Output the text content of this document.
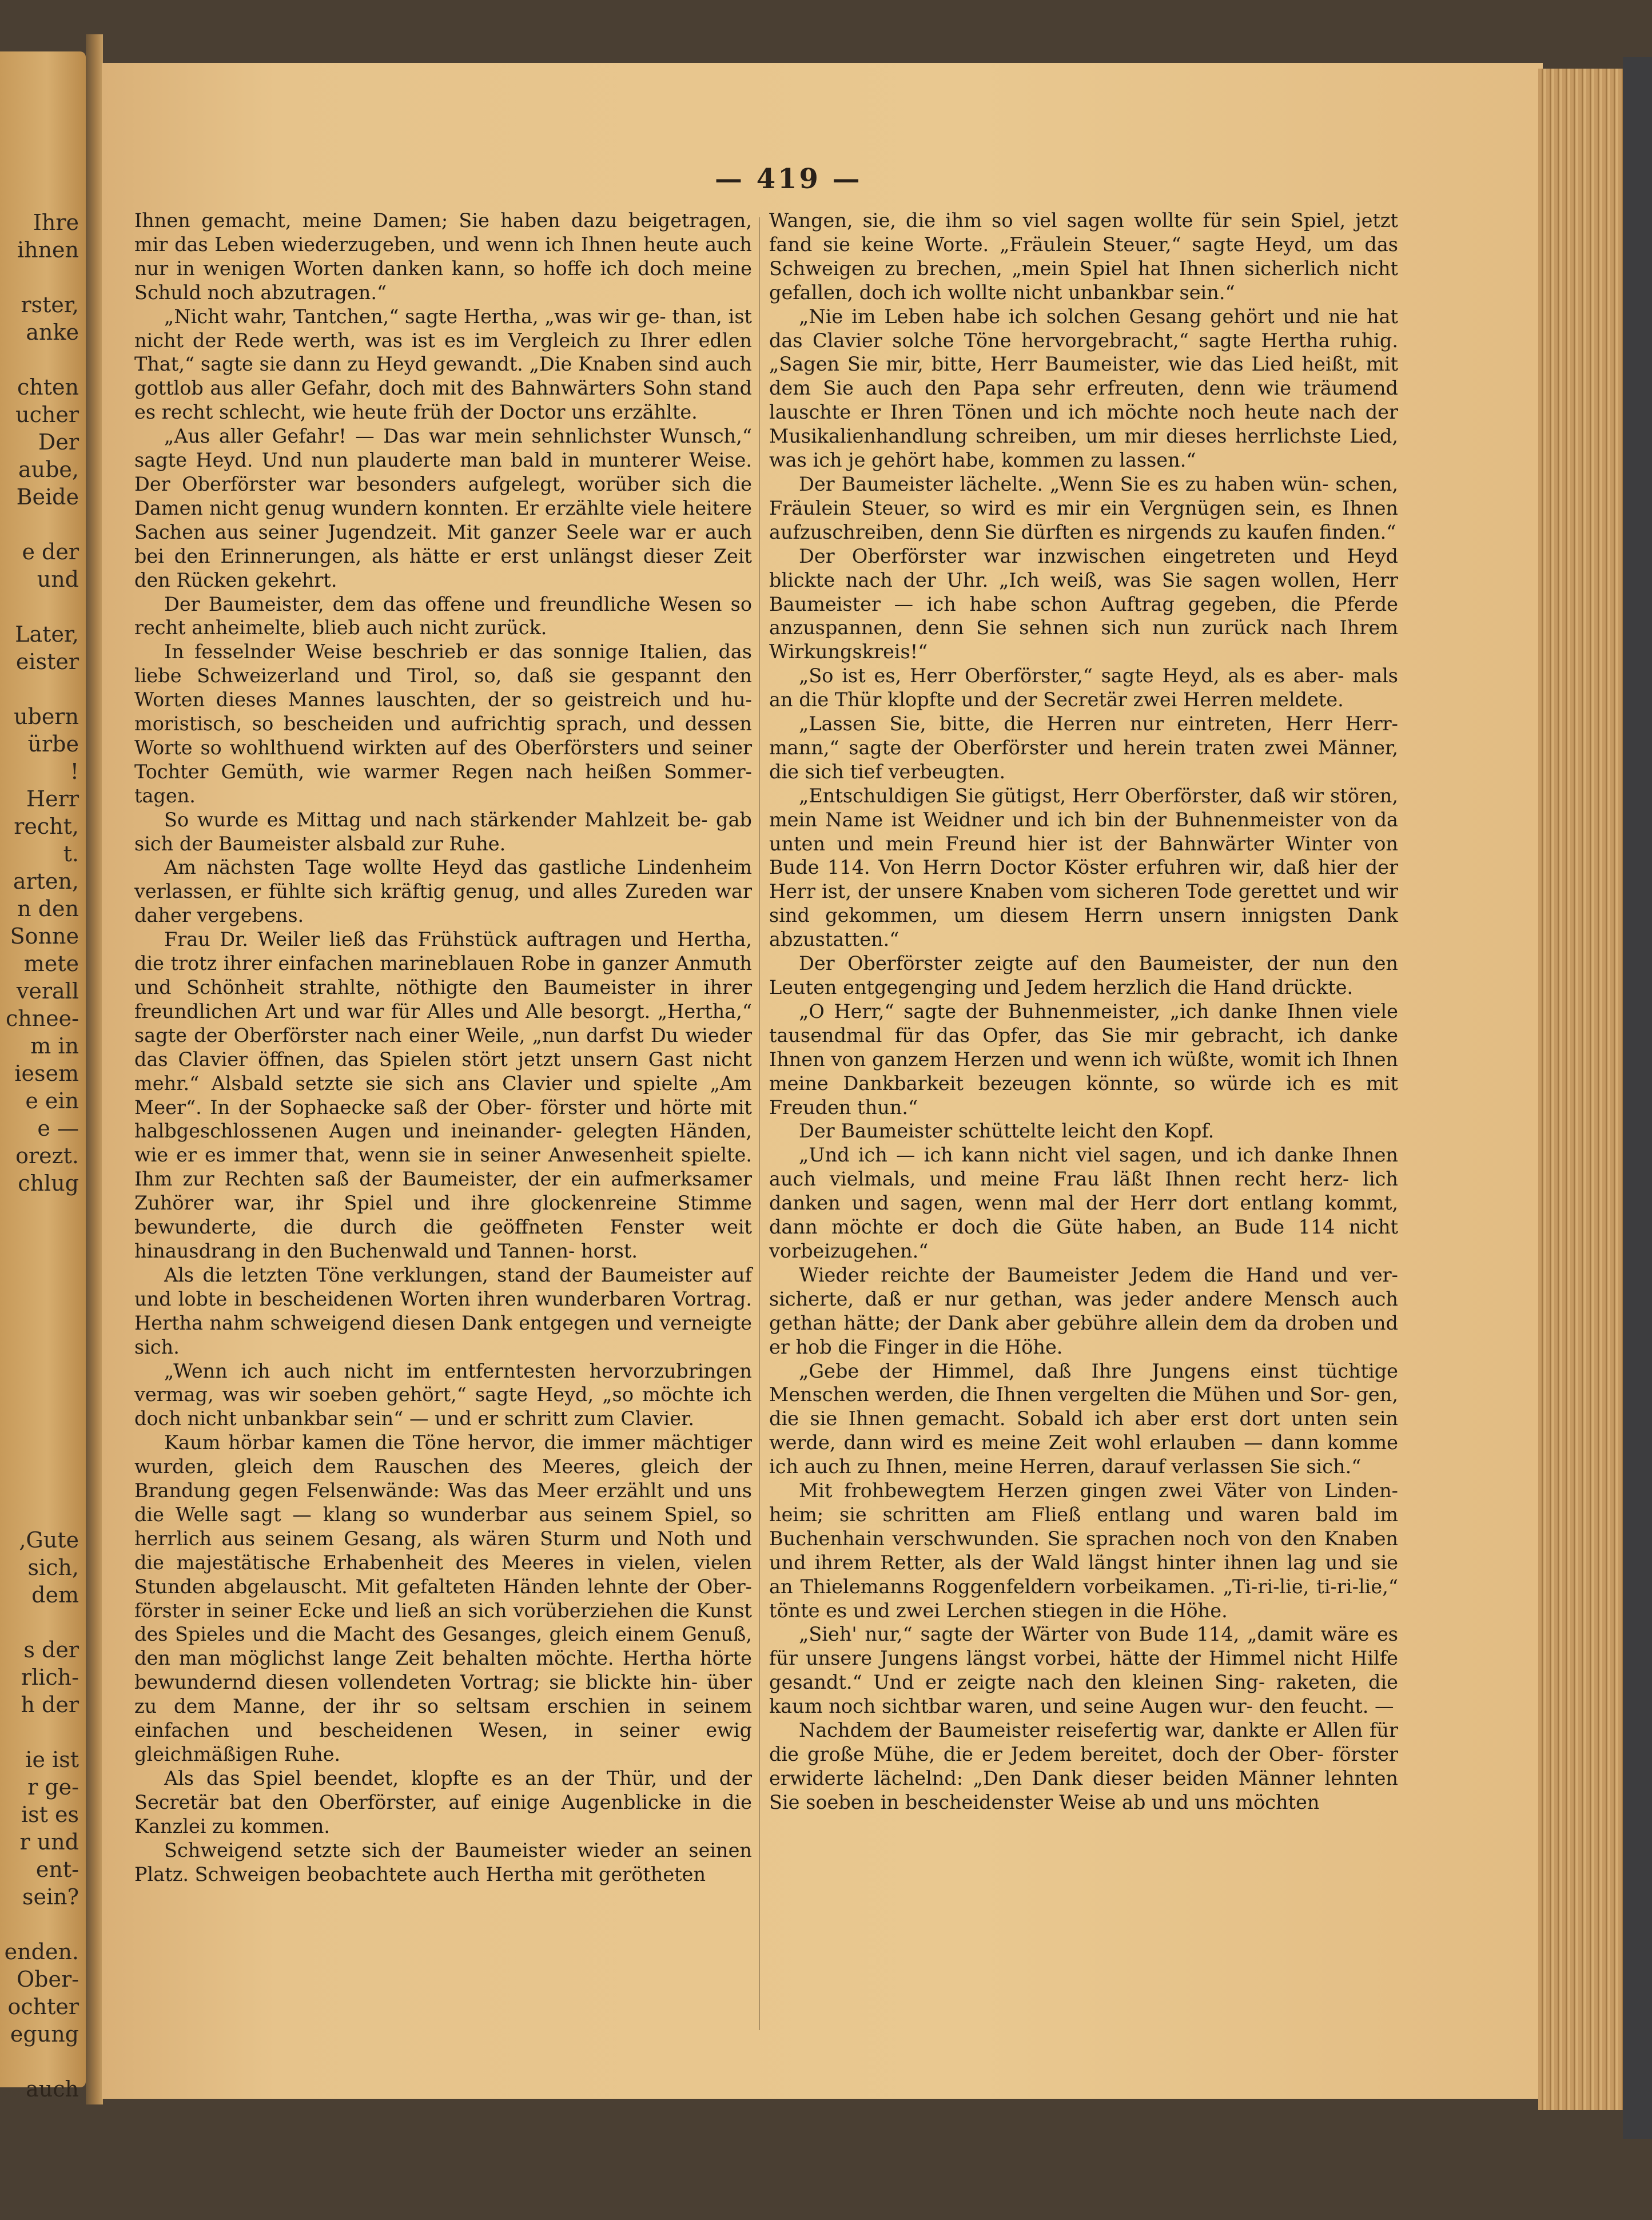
Ihre
ihnen
rster,
anke
chten
ucher
Der
aube,
Beide
e der
und
Later,
eister
ubern
ürbe
!
Herr
recht,
t.
arten,
n den
Sonne
mete
verall
chnee-
m in
iesem
e ein
e —
orezt.
chlug
,Gute
sich,
dem
s der
rlich-
h der
ie ist
r ge-
ist es
r und
ent-
sein?
enden.
Ober-
ochter
egung
auch
— 419 —

Ihnen gemacht, meine Damen; Sie haben dazu beigetragen, mir das Leben wiederzugeben, und wenn ich Ihnen heute auch nur in wenigen Worten danken kann, so hoffe ich doch meine Schuld noch abzutragen.“

„Nicht wahr, Tantchen,“ sagte Hertha, „was wir ge- than, ist nicht der Rede werth, was ist es im Vergleich zu Ihrer edlen That,“ sagte sie dann zu Heyd gewandt. „Die Knaben sind auch gottlob aus aller Gefahr, doch mit des Bahnwärters Sohn stand es recht schlecht, wie heute früh der Doctor uns erzählte.

„Aus aller Gefahr! — Das war mein sehnlichster Wunsch,“ sagte Heyd. Und nun plauderte man bald in munterer Weise. Der Oberförster war besonders aufgelegt, worüber sich die Damen nicht genug wundern konnten. Er erzählte viele heitere Sachen aus seiner Jugendzeit. Mit ganzer Seele war er auch bei den Erinnerungen, als hätte er erst unlängst dieser Zeit den Rücken gekehrt.

Der Baumeister, dem das offene und freundliche Wesen so recht anheimelte, blieb auch nicht zurück.

In fesselnder Weise beschrieb er das sonnige Italien, das liebe Schweizerland und Tirol, so, daß sie gespannt den Worten dieses Mannes lauschten, der so geistreich und hu- moristisch, so bescheiden und aufrichtig sprach, und dessen Worte so wohlthuend wirkten auf des Oberförsters und seiner Tochter Gemüth, wie warmer Regen nach heißen Sommer- tagen.

So wurde es Mittag und nach stärkender Mahlzeit be- gab sich der Baumeister alsbald zur Ruhe.

Am nächsten Tage wollte Heyd das gastliche Lindenheim verlassen, er fühlte sich kräftig genug, und alles Zureden war daher vergebens.

Frau Dr. Weiler ließ das Frühstück auftragen und Hertha, die trotz ihrer einfachen marineblauen Robe in ganzer Anmuth und Schönheit strahlte, nöthigte den Baumeister in ihrer freundlichen Art und war für Alles und Alle besorgt. „Hertha,“ sagte der Oberförster nach einer Weile, „nun darfst Du wieder das Clavier öffnen, das Spielen stört jetzt unsern Gast nicht mehr.“ Alsbald setzte sie sich ans Clavier und spielte „Am Meer“. In der Sophaecke saß der Ober- förster und hörte mit halbgeschlossenen Augen und ineinander- gelegten Händen, wie er es immer that, wenn sie in seiner Anwesenheit spielte. Ihm zur Rechten saß der Baumeister, der ein aufmerksamer Zuhörer war, ihr Spiel und ihre glockenreine Stimme bewunderte, die durch die geöffneten Fenster weit hinausdrang in den Buchenwald und Tannen- horst.

Als die letzten Töne verklungen, stand der Baumeister auf und lobte in bescheidenen Worten ihren wunderbaren Vortrag. Hertha nahm schweigend diesen Dank entgegen und verneigte sich.

„Wenn ich auch nicht im entferntesten hervorzubringen vermag, was wir soeben gehört,“ sagte Heyd, „so möchte ich doch nicht unbankbar sein“ — und er schritt zum Clavier.

Kaum hörbar kamen die Töne hervor, die immer mächtiger wurden, gleich dem Rauschen des Meeres, gleich der Brandung gegen Felsenwände: Was das Meer erzählt und uns die Welle sagt — klang so wunderbar aus seinem Spiel, so herrlich aus seinem Gesang, als wären Sturm und Noth und die majestätische Erhabenheit des Meeres in vielen, vielen Stunden abgelauscht. Mit gefalteten Händen lehnte der Ober- förster in seiner Ecke und ließ an sich vorüberziehen die Kunst des Spieles und die Macht des Gesanges, gleich einem Genuß, den man möglichst lange Zeit behalten möchte. Hertha hörte bewundernd diesen vollendeten Vortrag; sie blickte hin- über zu dem Manne, der ihr so seltsam erschien in seinem einfachen und bescheidenen Wesen, in seiner ewig gleichmäßigen Ruhe.

Als das Spiel beendet, klopfte es an der Thür, und der Secretär bat den Oberförster, auf einige Augenblicke in die Kanzlei zu kommen.

Schweigend setzte sich der Baumeister wieder an seinen Platz. Schweigen beobachtete auch Hertha mit gerötheten

Wangen, sie, die ihm so viel sagen wollte für sein Spiel, jetzt fand sie keine Worte. „Fräulein Steuer,“ sagte Heyd, um das Schweigen zu brechen, „mein Spiel hat Ihnen sicherlich nicht gefallen, doch ich wollte nicht unbankbar sein.“

„Nie im Leben habe ich solchen Gesang gehört und nie hat das Clavier solche Töne hervorgebracht,“ sagte Hertha ruhig. „Sagen Sie mir, bitte, Herr Baumeister, wie das Lied heißt, mit dem Sie auch den Papa sehr erfreuten, denn wie träumend lauschte er Ihren Tönen und ich möchte noch heute nach der Musikalienhandlung schreiben, um mir dieses herrlichste Lied, was ich je gehört habe, kommen zu lassen.“

Der Baumeister lächelte. „Wenn Sie es zu haben wün- schen, Fräulein Steuer, so wird es mir ein Vergnügen sein, es Ihnen aufzuschreiben, denn Sie dürften es nirgends zu kaufen finden.“

Der Oberförster war inzwischen eingetreten und Heyd blickte nach der Uhr. „Ich weiß, was Sie sagen wollen, Herr Baumeister — ich habe schon Auftrag gegeben, die Pferde anzuspannen, denn Sie sehnen sich nun zurück nach Ihrem Wirkungskreis!“

„So ist es, Herr Oberförster,“ sagte Heyd, als es aber- mals an die Thür klopfte und der Secretär zwei Herren meldete.

„Lassen Sie, bitte, die Herren nur eintreten, Herr Herr- mann,“ sagte der Oberförster und herein traten zwei Männer, die sich tief verbeugten.

„Entschuldigen Sie gütigst, Herr Oberförster, daß wir stören, mein Name ist Weidner und ich bin der Buhnenmeister von da unten und mein Freund hier ist der Bahnwärter Winter von Bude 114. Von Herrn Doctor Köster erfuhren wir, daß hier der Herr ist, der unsere Knaben vom sicheren Tode gerettet und wir sind gekommen, um diesem Herrn unsern innigsten Dank abzustatten.“

Der Oberförster zeigte auf den Baumeister, der nun den Leuten entgegenging und Jedem herzlich die Hand drückte.

„O Herr,“ sagte der Buhnenmeister, „ich danke Ihnen viele tausendmal für das Opfer, das Sie mir gebracht, ich danke Ihnen von ganzem Herzen und wenn ich wüßte, womit ich Ihnen meine Dankbarkeit bezeugen könnte, so würde ich es mit Freuden thun.“

Der Baumeister schüttelte leicht den Kopf.

„Und ich — ich kann nicht viel sagen, und ich danke Ihnen auch vielmals, und meine Frau läßt Ihnen recht herz- lich danken und sagen, wenn mal der Herr dort entlang kommt, dann möchte er doch die Güte haben, an Bude 114 nicht vorbeizugehen.“

Wieder reichte der Baumeister Jedem die Hand und ver- sicherte, daß er nur gethan, was jeder andere Mensch auch gethan hätte; der Dank aber gebühre allein dem da droben und er hob die Finger in die Höhe.

„Gebe der Himmel, daß Ihre Jungens einst tüchtige Menschen werden, die Ihnen vergelten die Mühen und Sor- gen, die sie Ihnen gemacht. Sobald ich aber erst dort unten sein werde, dann wird es meine Zeit wohl erlauben — dann komme ich auch zu Ihnen, meine Herren, darauf verlassen Sie sich.“

Mit frohbewegtem Herzen gingen zwei Väter von Linden- heim; sie schritten am Fließ entlang und waren bald im Buchenhain verschwunden. Sie sprachen noch von den Knaben und ihrem Retter, als der Wald längst hinter ihnen lag und sie an Thielemanns Roggenfeldern vorbeikamen. „Ti-ri-lie, ti-ri-lie,“ tönte es und zwei Lerchen stiegen in die Höhe.

„Sieh' nur,“ sagte der Wärter von Bude 114, „damit wäre es für unsere Jungens längst vorbei, hätte der Himmel nicht Hilfe gesandt.“ Und er zeigte nach den kleinen Sing- raketen, die kaum noch sichtbar waren, und seine Augen wur- den feucht. —

Nachdem der Baumeister reisefertig war, dankte er Allen für die große Mühe, die er Jedem bereitet, doch der Ober- förster erwiderte lächelnd: „Den Dank dieser beiden Männer lehnten Sie soeben in bescheidenster Weise ab und uns möchten
